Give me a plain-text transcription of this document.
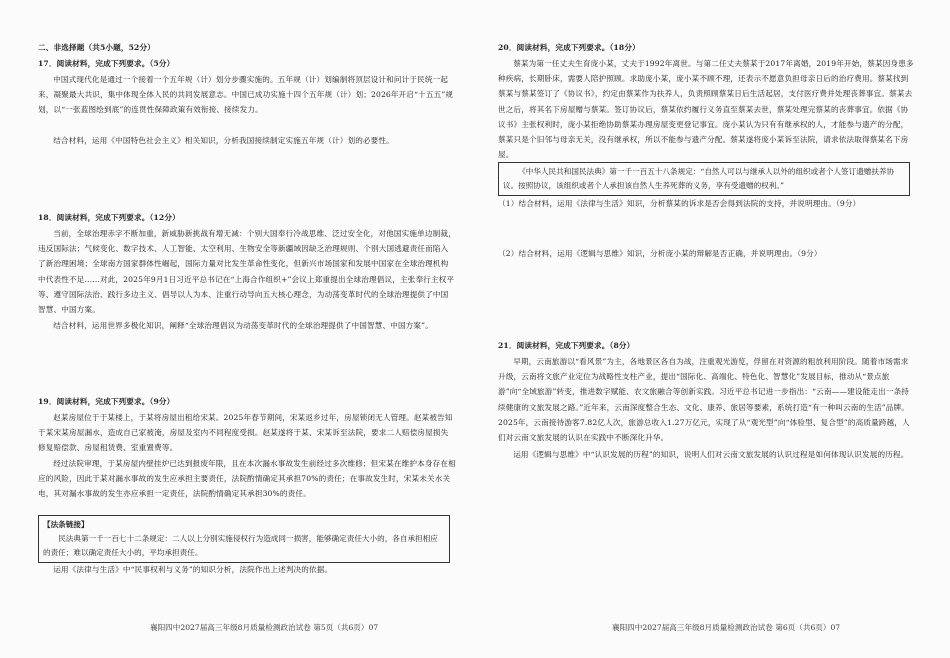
二、非选择题（共5小题，52分）

17．阅读材料，完成下列要求。（5分）

中国式现代化是通过一个接着一个五年规（计）划分步骤实施的。五年规（计）划编制将顶层设计和问计于民统一起来，凝聚最大共识，集中体现全体人民的共同发展意志。中国已成功实施十四个五年规（计）划；2026年开启“十五五”规划，以“一张蓝图绘到底”的连贯性保障政策有效衔接、接续发力。

结合材料，运用《中国特色社会主义》相关知识，分析我国接续制定实施五年规（计）划的必要性。

18．阅读材料，完成下列要求。（12分）

当前，全球治理赤字不断加重，新威胁新挑战有增无减：个别大国奉行冷战思维、泛过安全化，对他国实施单边制裁，违反国际法；气候变化、数字技术、人工智能、太空利用、生物安全等新疆域因缺乏治理规则、个别大国逃避责任而陷入了新治理困境；全球南方国家群体性崛起，国际力量对比发生革命性变化，但新兴市场国家和发展中国家在全球治理机构中代表性不足……对此，2025年9月1日习近平总书记在“上海合作组织+”会议上郑重提出全球治理倡议，主张奉行主权平等、遵守国际法治、践行多边主义、倡导以人为本、注重行动导向五大核心理念，为动荡变革时代的全球治理提供了中国智慧、中国方案。

结合材料，运用世界多极化知识，阐释“全球治理倡议为动荡变革时代的全球治理提供了中国智慧、中国方案”。

19．阅读材料，完成下列要求。（9分）

赵某房屋位于于某楼上，于某将房屋出租给宋某。2025年春节期间，宋某返乡过年，房屋锁闭无人管理。赵某被告知于某宋某房屋漏水，造成自己家被淹，房屋及室内不同程度受损。赵某遂将于某、宋某诉至法院，要求二人赔偿房屋损失修复赔偿款、房屋租赁费、室重置费等。

经过法院审理，于某房屋内壁挂炉已达到报废年限，且在本次漏水事故发生前经过多次维修；但宋某在维护本身存在相应的风险，因此于某对漏水事故的发生应承担主要责任，法院酌情确定其承担70%的责任；在事故发生时，宋某未关水关电，其对漏水事故的发生亦应承担一定责任，法院酌情确定其承担30%的责任。

【法条链接】
民法典第一千一百七十二条规定：二人以上分别实施侵权行为造成同一损害，能够确定责任大小的，各自承担相应的责任；难以确定责任大小的，平均承担责任。

运用《法律与生活》中“民事权利与义务”的知识分析，法院作出上述判决的依据。

襄阳四中2027届高三年级8月质量检测政治试卷 第5页（共6页）07

20．阅读材料，完成下列要求。（18分）

蔡某为第一任丈夫生育庞小某，丈夫于1992年离世。与第二任丈夫蔡某于2017年离婚，2019年开始，蔡某因身患多种疾病，长期卧床，需要人陪护照顾。求助庞小某，庞小某不顾不理，还表示不愿意负担母亲日后的治疗费用。蔡某找到蔡某与蔡某签订了《协议书》，约定由蔡某作为扶养人，负责照顾蔡某日后生活起居，支付医疗费并处理丧葬事宜。蔡某去世之后，将其名下房屋赠与蔡某。签订协议后，蔡某依约履行义务直至蔡某去世，蔡某处理完蔡某的丧葬事宜。依据《协议书》主张权利时，庞小某拒绝协助蔡某办理房屋变更登记事宜。庞小某认为只有有继承权的人，才能参与遗产的分配，蔡某只是个旧邻与母亲无关，没有继承权，所以不能参与遗产分配。蔡某遂将庞小某诉至法院，请求依法取得蔡某名下房屋。

《中华人民共和国民法典》第一千一百五十八条规定：“自然人可以与继承人以外的组织或者个人签订遗赠扶养协议。按照协议，该组织或者个人承担该自然人生养死葬的义务，享有受遗赠的权利。”

（1）结合材料，运用《法律与生活》知识，分析蔡某的诉求是否会得到法院的支持，并说明理由。（9分）

（2）结合材料，运用《逻辑与思维》知识，分析庞小某的辩解是否正确，并说明理由。（9分）

21．阅读材料，完成下列要求。（8分）

早期，云南旅游以“看风景”为主，各地景区各自为战，注重观光游览，俘留在对资源的粗放利用阶段。随着市场需求升级，云南将文旅产业定位为战略性支柱产业，提出“国际化、高端化、特色化、智慧化”发展目标，推动从“景点旅游”向“全域旅游”转变，推进数字赋能、农文旅融合等创新实践。习近平总书记进一步指出：“云南——建设能走出一条持续健康的文旅发展之路。”近年来，云南深度整合生态、文化、康养、旅居等要素，系统打造“有一种叫云南的生活”品牌。2025年，云南接待游客7.82亿人次，旅游总收入1.27万亿元，实现了从“观光型”向“体验型、复合型”的高质量跨越，人们对云南文旅发展的认识在实践中不断深化升华。

运用《逻辑与思维》中“认识发展的历程”的知识，说明人们对云南文旅发展的认识过程是如何体现认识发展的历程。

襄阳四中2027届高三年级8月质量检测政治试卷 第6页（共6页）07
